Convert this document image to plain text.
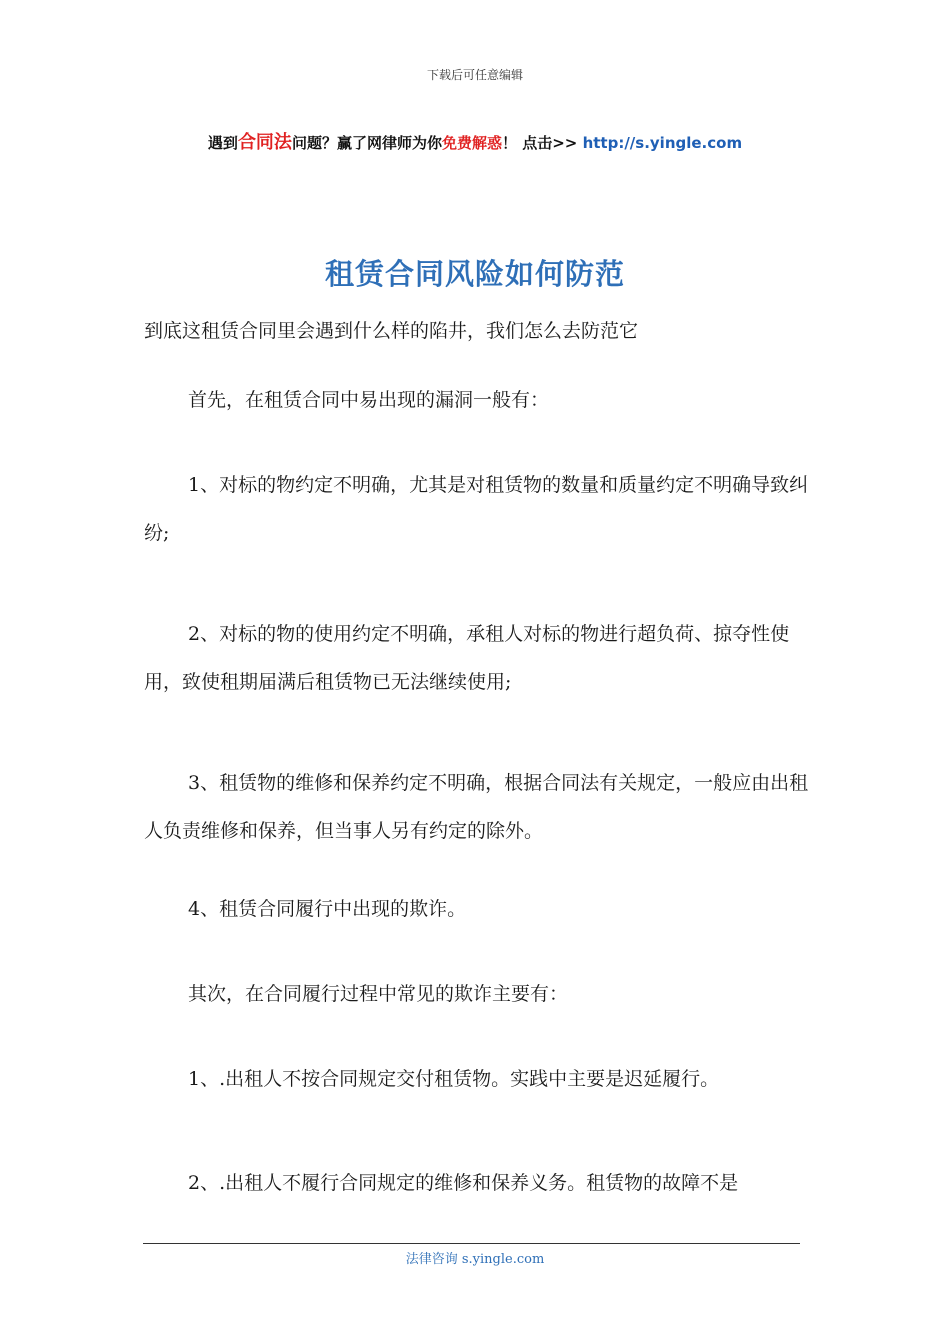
下载后可任意编辑
遇到合同法问题？赢了网律师为你免费解惑！ 点击>> http://s.yingle.com
租赁合同风险如何防范

到底这租赁合同里会遇到什么样的陷井，我们怎么去防范它

首先，在租赁合同中易出现的漏洞一般有：

1、对标的物约定不明确，尤其是对租赁物的数量和质量约定不明确导致纠纷;

2、对标的物的使用约定不明确，承租人对标的物进行超负荷、掠夺性使用，致使租期届满后租赁物已无法继续使用;

3、租赁物的维修和保养约定不明确，根据合同法有关规定，一般应由出租人负责维修和保养，但当事人另有约定的除外。

4、租赁合同履行中出现的欺诈。

其次，在合同履行过程中常见的欺诈主要有：

1、.出租人不按合同规定交付租赁物。实践中主要是迟延履行。

2、.出租人不履行合同规定的维修和保养义务。租赁物的故障不是

法律咨询 s.yingle.com
